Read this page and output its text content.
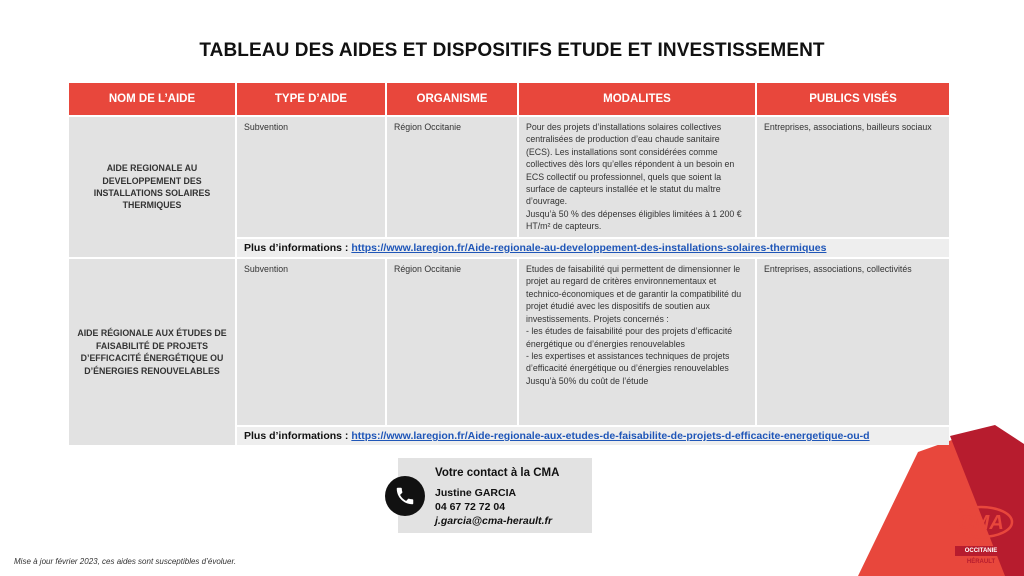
TABLEAU DES AIDES ET DISPOSITIFS ETUDE ET INVESTISSEMENT
NOM DE L’AIDE	TYPE D’AIDE	ORGANISME	MODALITES	PUBLICS VISÉS
AIDE REGIONALE AU DEVELOPPEMENT DES INSTALLATIONS SOLAIRES THERMIQUES	Subvention	Région Occitanie	Pour des projets d’installations solaires collectives centralisées de production d’eau chaude sanitaire (ECS). Les installations sont considérées comme collectives dès lors qu’elles répondent à un besoin en ECS collectif ou professionnel, quels que soient la surface de capteurs installée et le statut du maître d’ouvrage.
Jusqu’à 50 % des dépenses éligibles limitées à 1 200 € HT/m² de capteurs.	Entreprises, associations, bailleurs sociaux
	Plus d’informations : https://www.laregion.fr/Aide-regionale-au-developpement-des-installations-solaires-thermiques			
AIDE RÉGIONALE AUX ÉTUDES DE FAISABILITÉ DE PROJETS D’EFFICACITÉ ÉNERGÉTIQUE OU D’ÉNERGIES RENOUVELABLES	Subvention	Région Occitanie	Etudes de faisabilité qui permettent de dimensionner le projet au regard de critères environnementaux et technico-économiques et de garantir la compatibilité du projet étudié avec les dispositifs de soutien aux investissements. Projets concernés :
- les études de faisabilité pour des projets d’efficacité énergétique ou d’énergies renouvelables
- les expertises et assistances techniques de projets d’efficacité énergétique ou d’énergies renouvelables
Jusqu’à 50% du coût de l’étude	Entreprises, associations, collectivités
	Plus d’informations : https://www.laregion.fr/Aide-regionale-aux-etudes-de-faisabilite-de-projets-d-efficacite-energetique-ou-d			
Votre contact à la CMA
Justine GARCIA
04 67 72 72 04
j.garcia@cma-herault.fr	CMA
OCCITANIE
HÉRAULT
Mise à jour février 2023, ces aides sont susceptibles d’évoluer.
